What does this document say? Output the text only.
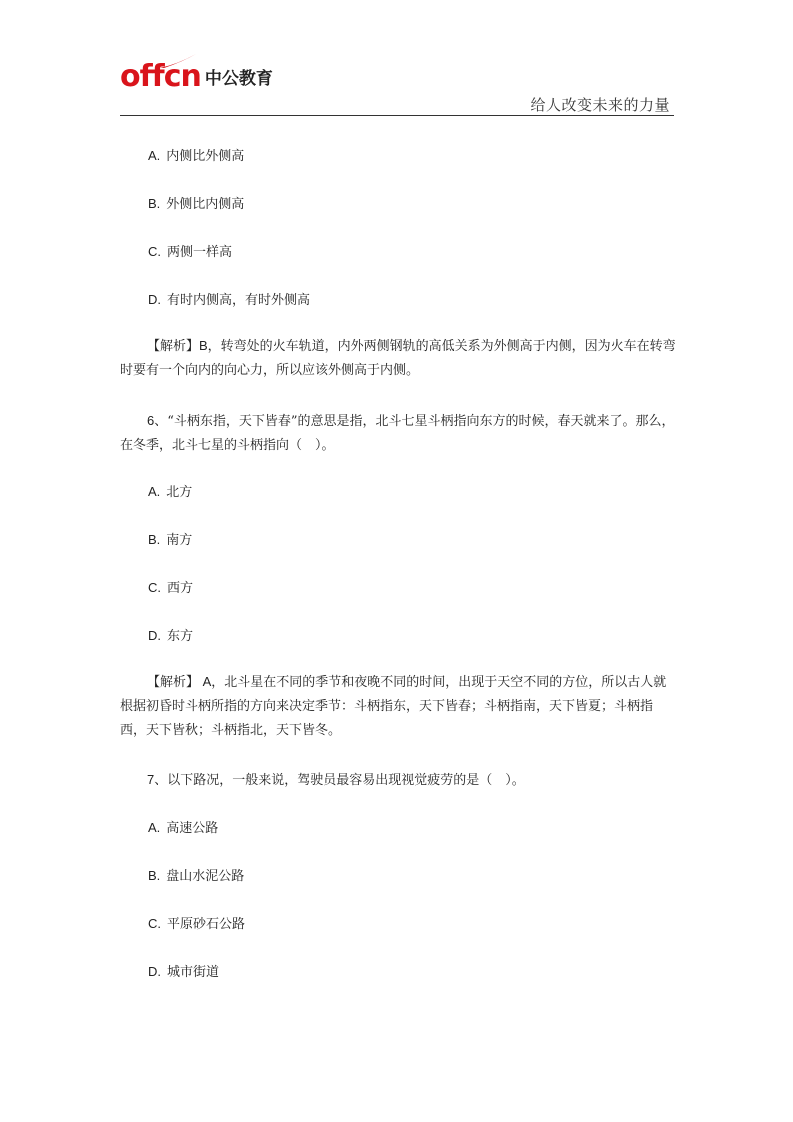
offcn 中公教育
给人改变未来的力量
A. 内侧比外侧高
B. 外侧比内侧高
C. 两侧一样高
D. 有时内侧高，有时外侧高
【解析】B，转弯处的火车轨道，内外两侧钢轨的高低关系为外侧高于内侧，因为火车在转弯时要有一个向内的向心力，所以应该外侧高于内侧。
6、“斗柄东指，天下皆春”的意思是指，北斗七星斗柄指向东方的时候，春天就来了。那么，在冬季，北斗七星的斗柄指向（　）。
A. 北方
B. 南方
C. 西方
D. 东方
【解析】 A，北斗星在不同的季节和夜晚不同的时间，出现于天空不同的方位，所以古人就根据初昏时斗柄所指的方向来决定季节：斗柄指东，天下皆春；斗柄指南，天下皆夏；斗柄指西，天下皆秋；斗柄指北，天下皆冬。
7、以下路况，一般来说，驾驶员最容易出现视觉疲劳的是（　）。
A. 高速公路
B. 盘山水泥公路
C. 平原砂石公路
D. 城市街道
